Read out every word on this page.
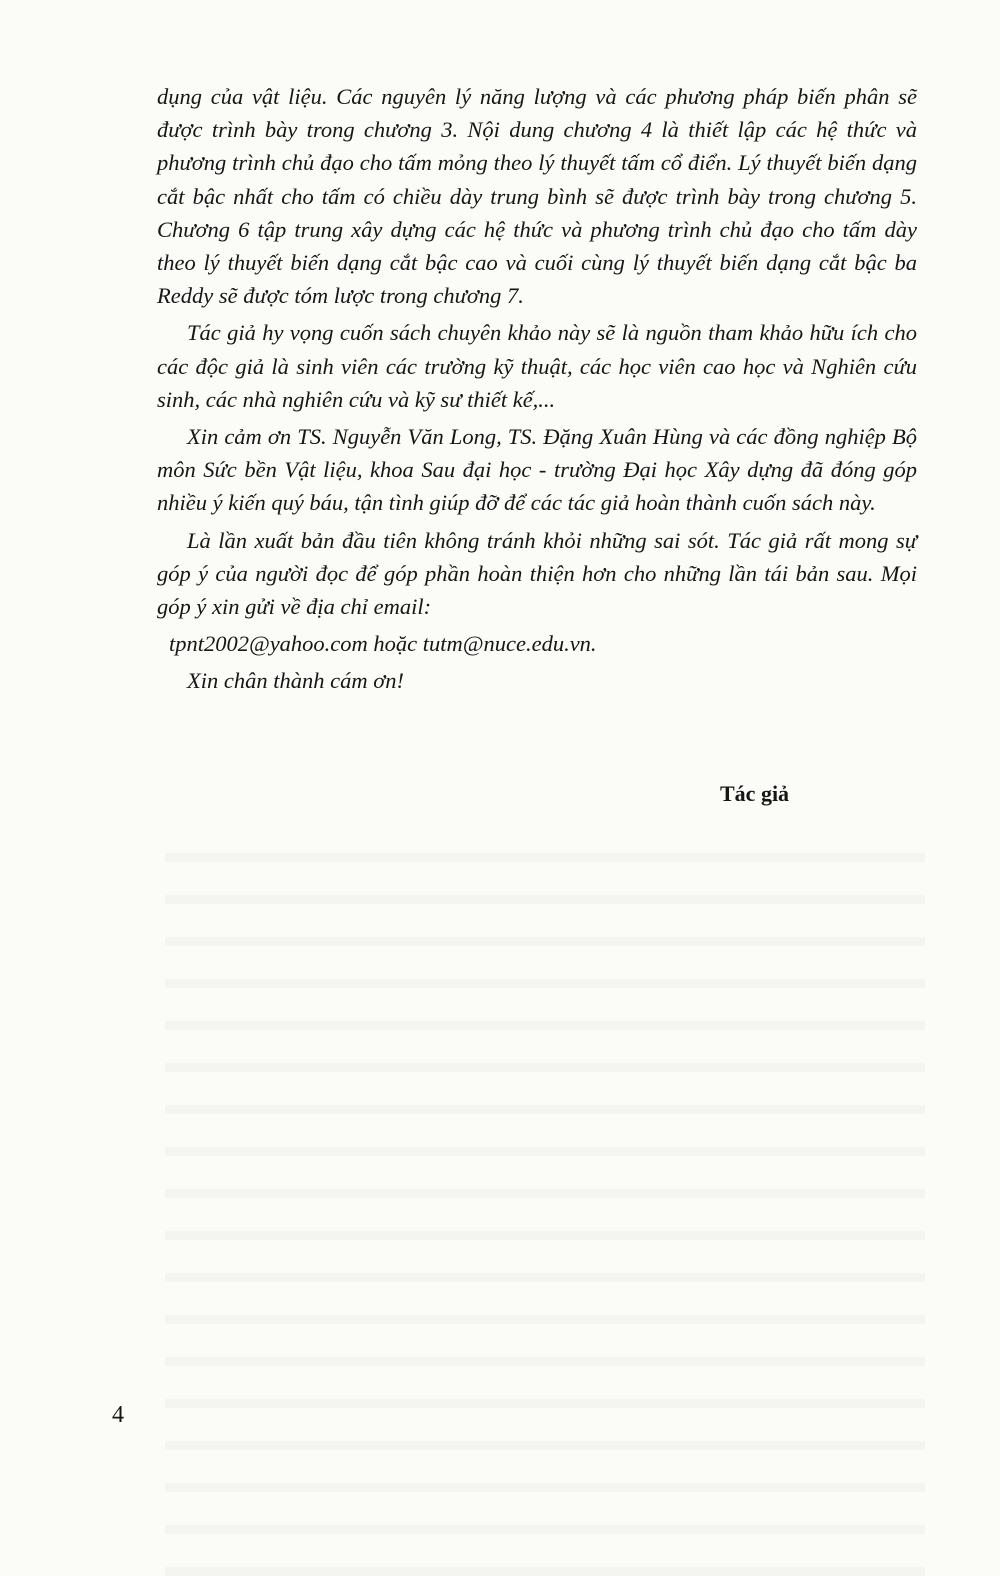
dụng của vật liệu. Các nguyên lý năng lượng và các phương pháp biến phân sẽ được trình bày trong chương 3. Nội dung chương 4 là thiết lập các hệ thức và phương trình chủ đạo cho tấm mỏng theo lý thuyết tấm cổ điển. Lý thuyết biến dạng cắt bậc nhất cho tấm có chiều dày trung bình sẽ được trình bày trong chương 5. Chương 6 tập trung xây dựng các hệ thức và phương trình chủ đạo cho tấm dày theo lý thuyết biến dạng cắt bậc cao và cuối cùng lý thuyết biến dạng cắt bậc ba Reddy sẽ được tóm lược trong chương 7.

Tác giả hy vọng cuốn sách chuyên khảo này sẽ là nguồn tham khảo hữu ích cho các độc giả là sinh viên các trường kỹ thuật, các học viên cao học và Nghiên cứu sinh, các nhà nghiên cứu và kỹ sư thiết kế,...

Xin cảm ơn TS. Nguyễn Văn Long, TS. Đặng Xuân Hùng và các đồng nghiệp Bộ môn Sức bền Vật liệu, khoa Sau đại học - trường Đại học Xây dựng đã đóng góp nhiều ý kiến quý báu, tận tình giúp đỡ để các tác giả hoàn thành cuốn sách này.

Là lần xuất bản đầu tiên không tránh khỏi những sai sót. Tác giả rất mong sự góp ý của người đọc để góp phần hoàn thiện hơn cho những lần tái bản sau. Mọi góp ý xin gửi về địa chỉ email:

tpnt2002@yahoo.com hoặc tutm@nuce.edu.vn.

Xin chân thành cám ơn!

Tác giả
4
